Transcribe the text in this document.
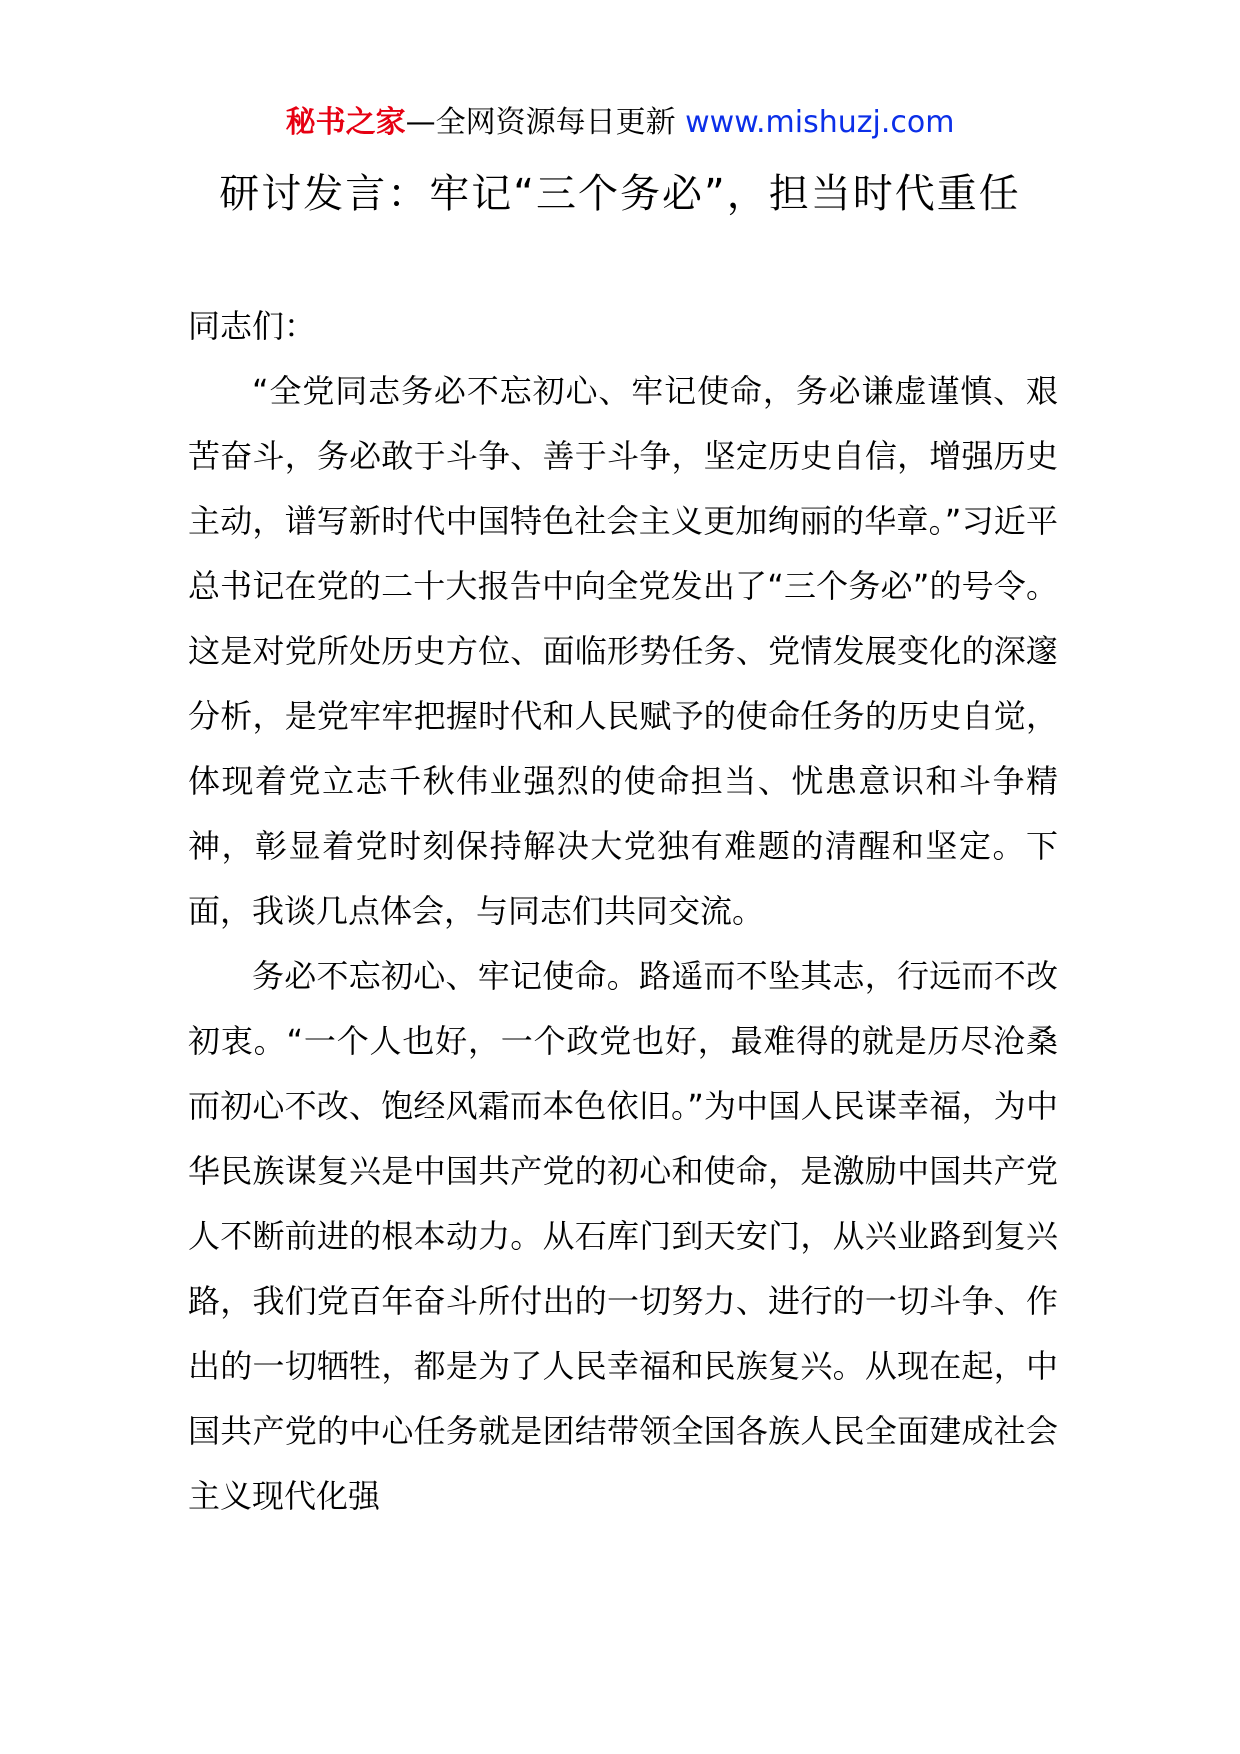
秘书之家—全网资源每日更新 www.mishuzj.com
研讨发言：牢记“三个务必”，担当时代重任

同志们：

“全党同志务必不忘初心、牢记使命，务必谦虚谨慎、艰苦奋斗，务必敢于斗争、善于斗争，坚定历史自信，增强历史主动，谱写新时代中国特色社会主义更加绚丽的华章。”习近平总书记在党的二十大报告中向全党发出了“三个务必”的号令。这是对党所处历史方位、面临形势任务、党情发展变化的深邃分析，是党牢牢把握时代和人民赋予的使命任务的历史自觉，体现着党立志千秋伟业强烈的使命担当、忧患意识和斗争精神，彰显着党时刻保持解决大党独有难题的清醒和坚定。下面，我谈几点体会，与同志们共同交流。

务必不忘初心、牢记使命。路遥而不坠其志，行远而不改初衷。“一个人也好，一个政党也好，最难得的就是历尽沧桑而初心不改、饱经风霜而本色依旧。”为中国人民谋幸福，为中华民族谋复兴是中国共产党的初心和使命，是激励中国共产党人不断前进的根本动力。从石库门到天安门，从兴业路到复兴路，我们党百年奋斗所付出的一切努力、进行的一切斗争、作出的一切牺牲，都是为了人民幸福和民族复兴。从现在起，中国共产党的中心任务就是团结带领全国各族人民全面建成社会主义现代化强
